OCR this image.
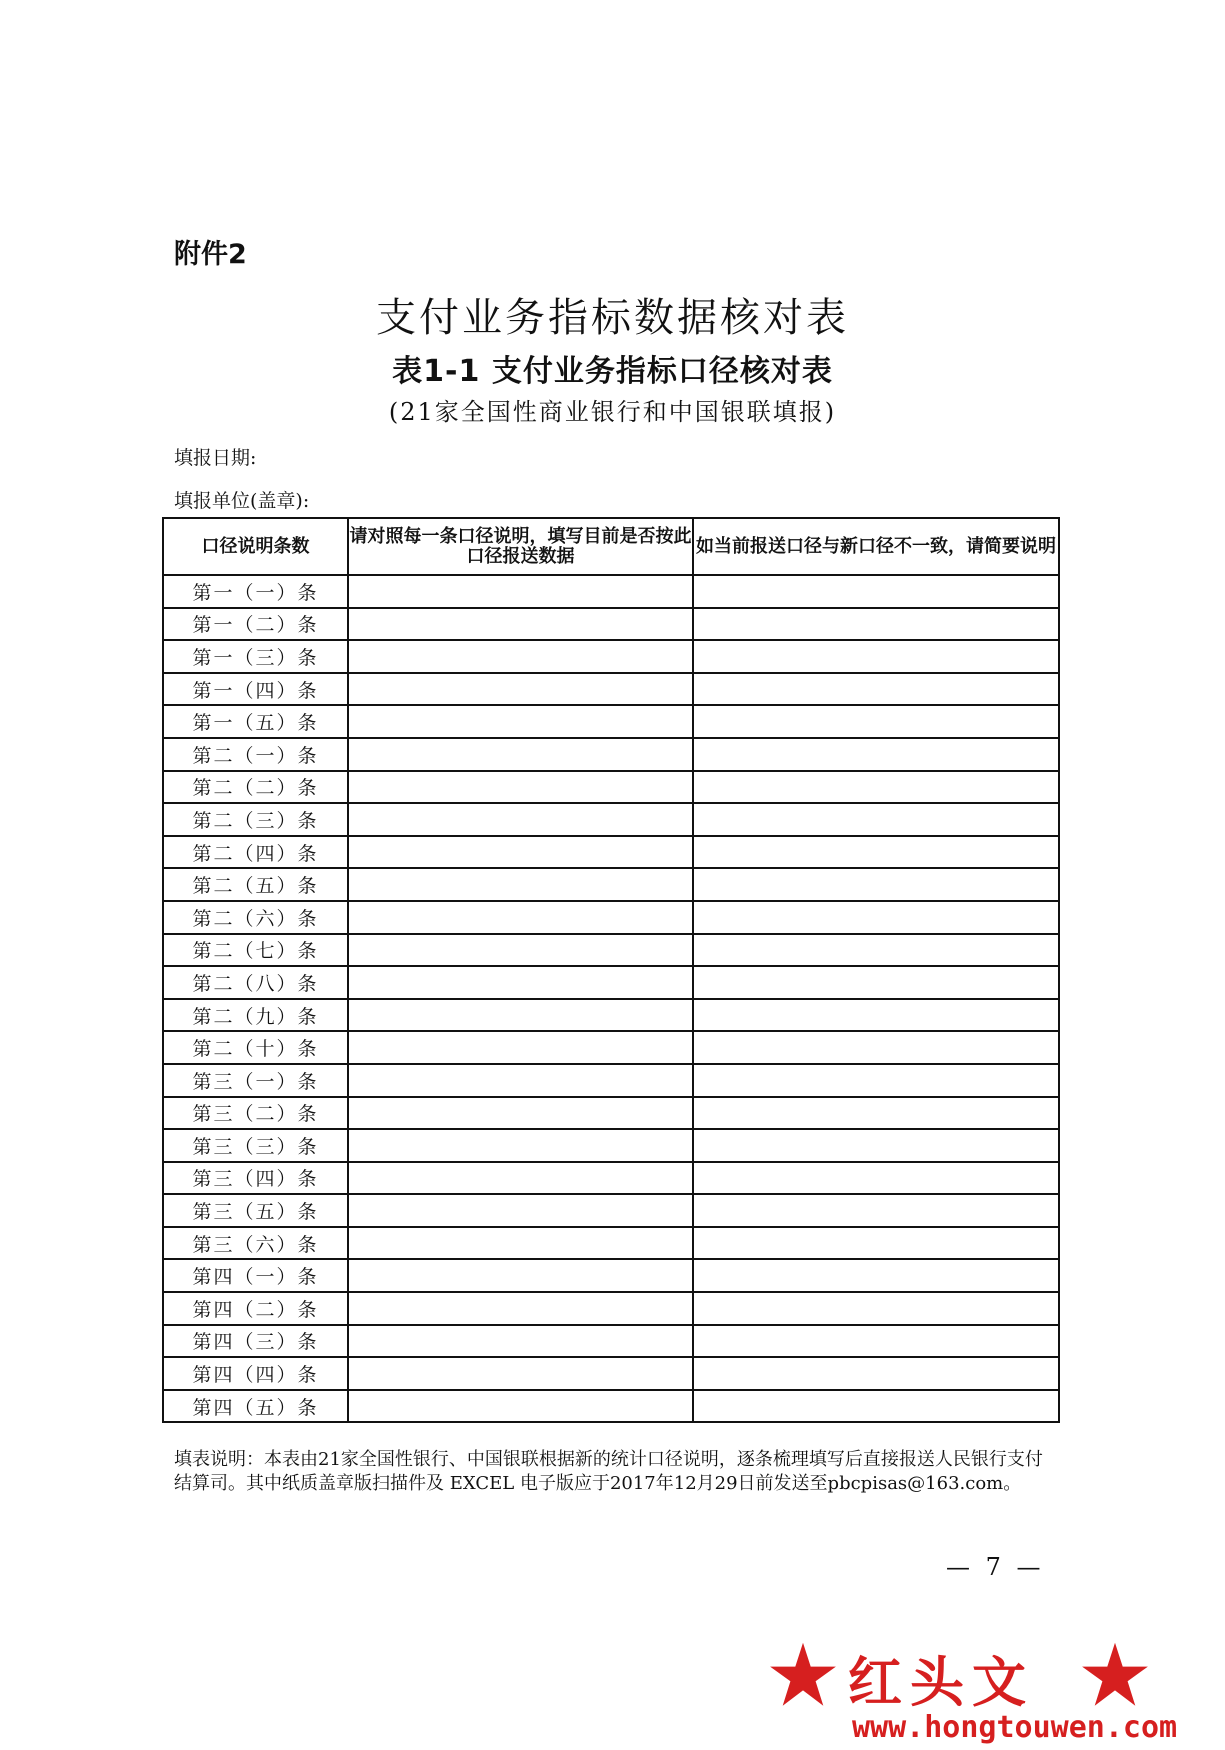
附件2
支付业务指标数据核对表
表1-1 支付业务指标口径核对表
(21家全国性商业银行和中国银联填报)
填报日期:
填报单位(盖章):
口径说明条数	请对照每一条口径说明，填写目前是否按此口径报送数据	如当前报送口径与新口径不一致，请简要说明
第一（一）条		
第一（二）条		
第一（三）条		
第一（四）条		
第一（五）条		
第二（一）条		
第二（二）条		
第二（三）条		
第二（四）条		
第二（五）条		
第二（六）条		
第二（七）条		
第二（八）条		
第二（九）条		
第二（十）条		
第三（一）条		
第三（二）条		
第三（三）条		
第三（四）条		
第三（五）条		
第三（六）条		
第四（一）条		
第四（二）条		
第四（三）条		
第四（四）条		
第四（五）条		
填表说明：本表由21家全国性银行、中国银联根据新的统计口径说明，逐条梳理填写后直接报送人民银行支付结算司。其中纸质盖章版扫描件及 EXCEL 电子版应于2017年12月29日前发送至pbcpisas@163.com。
— 7 —
红头文
www.hongtouwen.com
